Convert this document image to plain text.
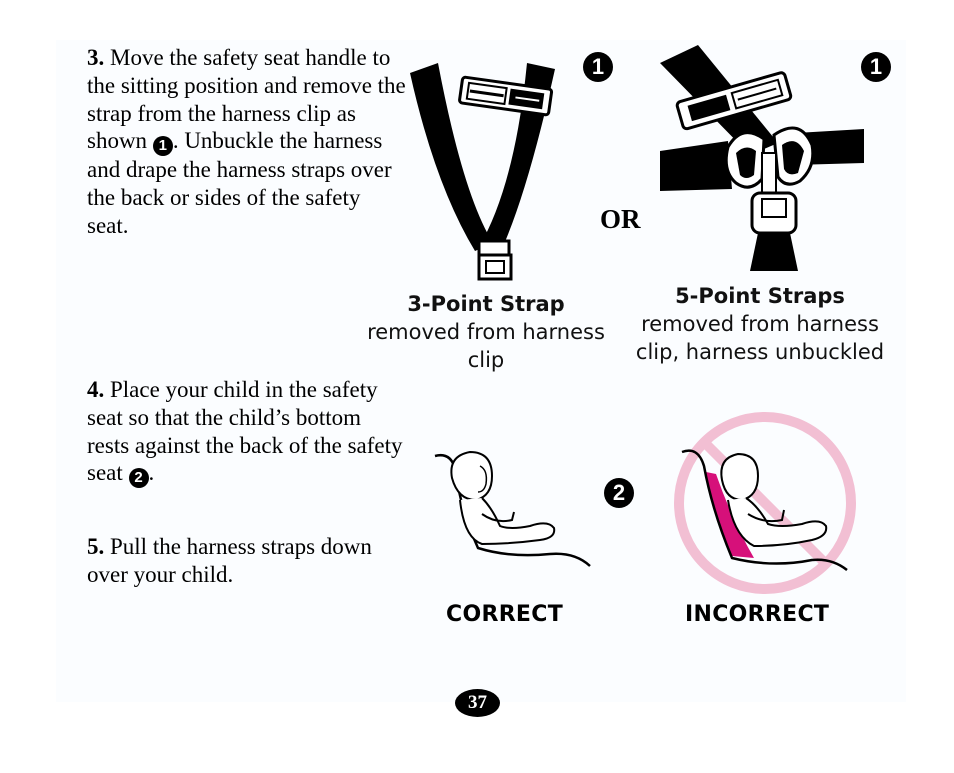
3. Move the safety seat handle to the sitting position and remove the strap from the harness clip as shown 1 . Unbuckle the harness and drape the harness straps over the back or sides of the safety seat.
4. Place your child in the safety seat so that the child’s bottom rests against the back of the safety seat 2 .
5. Pull the harness straps down over your child.
1
OR
1
3-Point Strap removed from harness clip
5-Point Straps
removed from harness clip, harness unbuckled
2
CORRECT	INCORRECT
37
